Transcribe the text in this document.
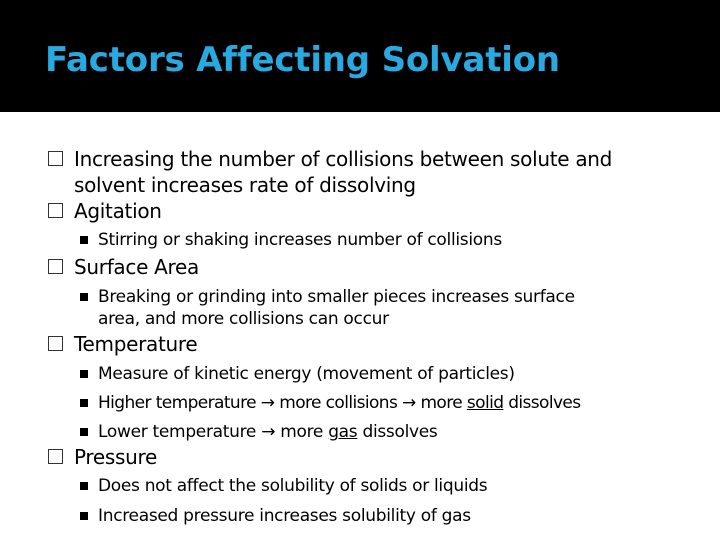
Factors Affecting Solvation
Increasing the number of collisions between solute and
solvent increases rate of dissolving
Agitation
Stirring or shaking increases number of collisions
Surface Area
Breaking or grinding into smaller pieces increases surface
area, and more collisions can occur
Temperature
Measure of kinetic energy (movement of particles)
Higher temperature → more collisions → more solid dissolves
Lower temperature → more gas dissolves
Pressure
Does not affect the solubility of solids or liquids
Increased pressure increases solubility of gas
